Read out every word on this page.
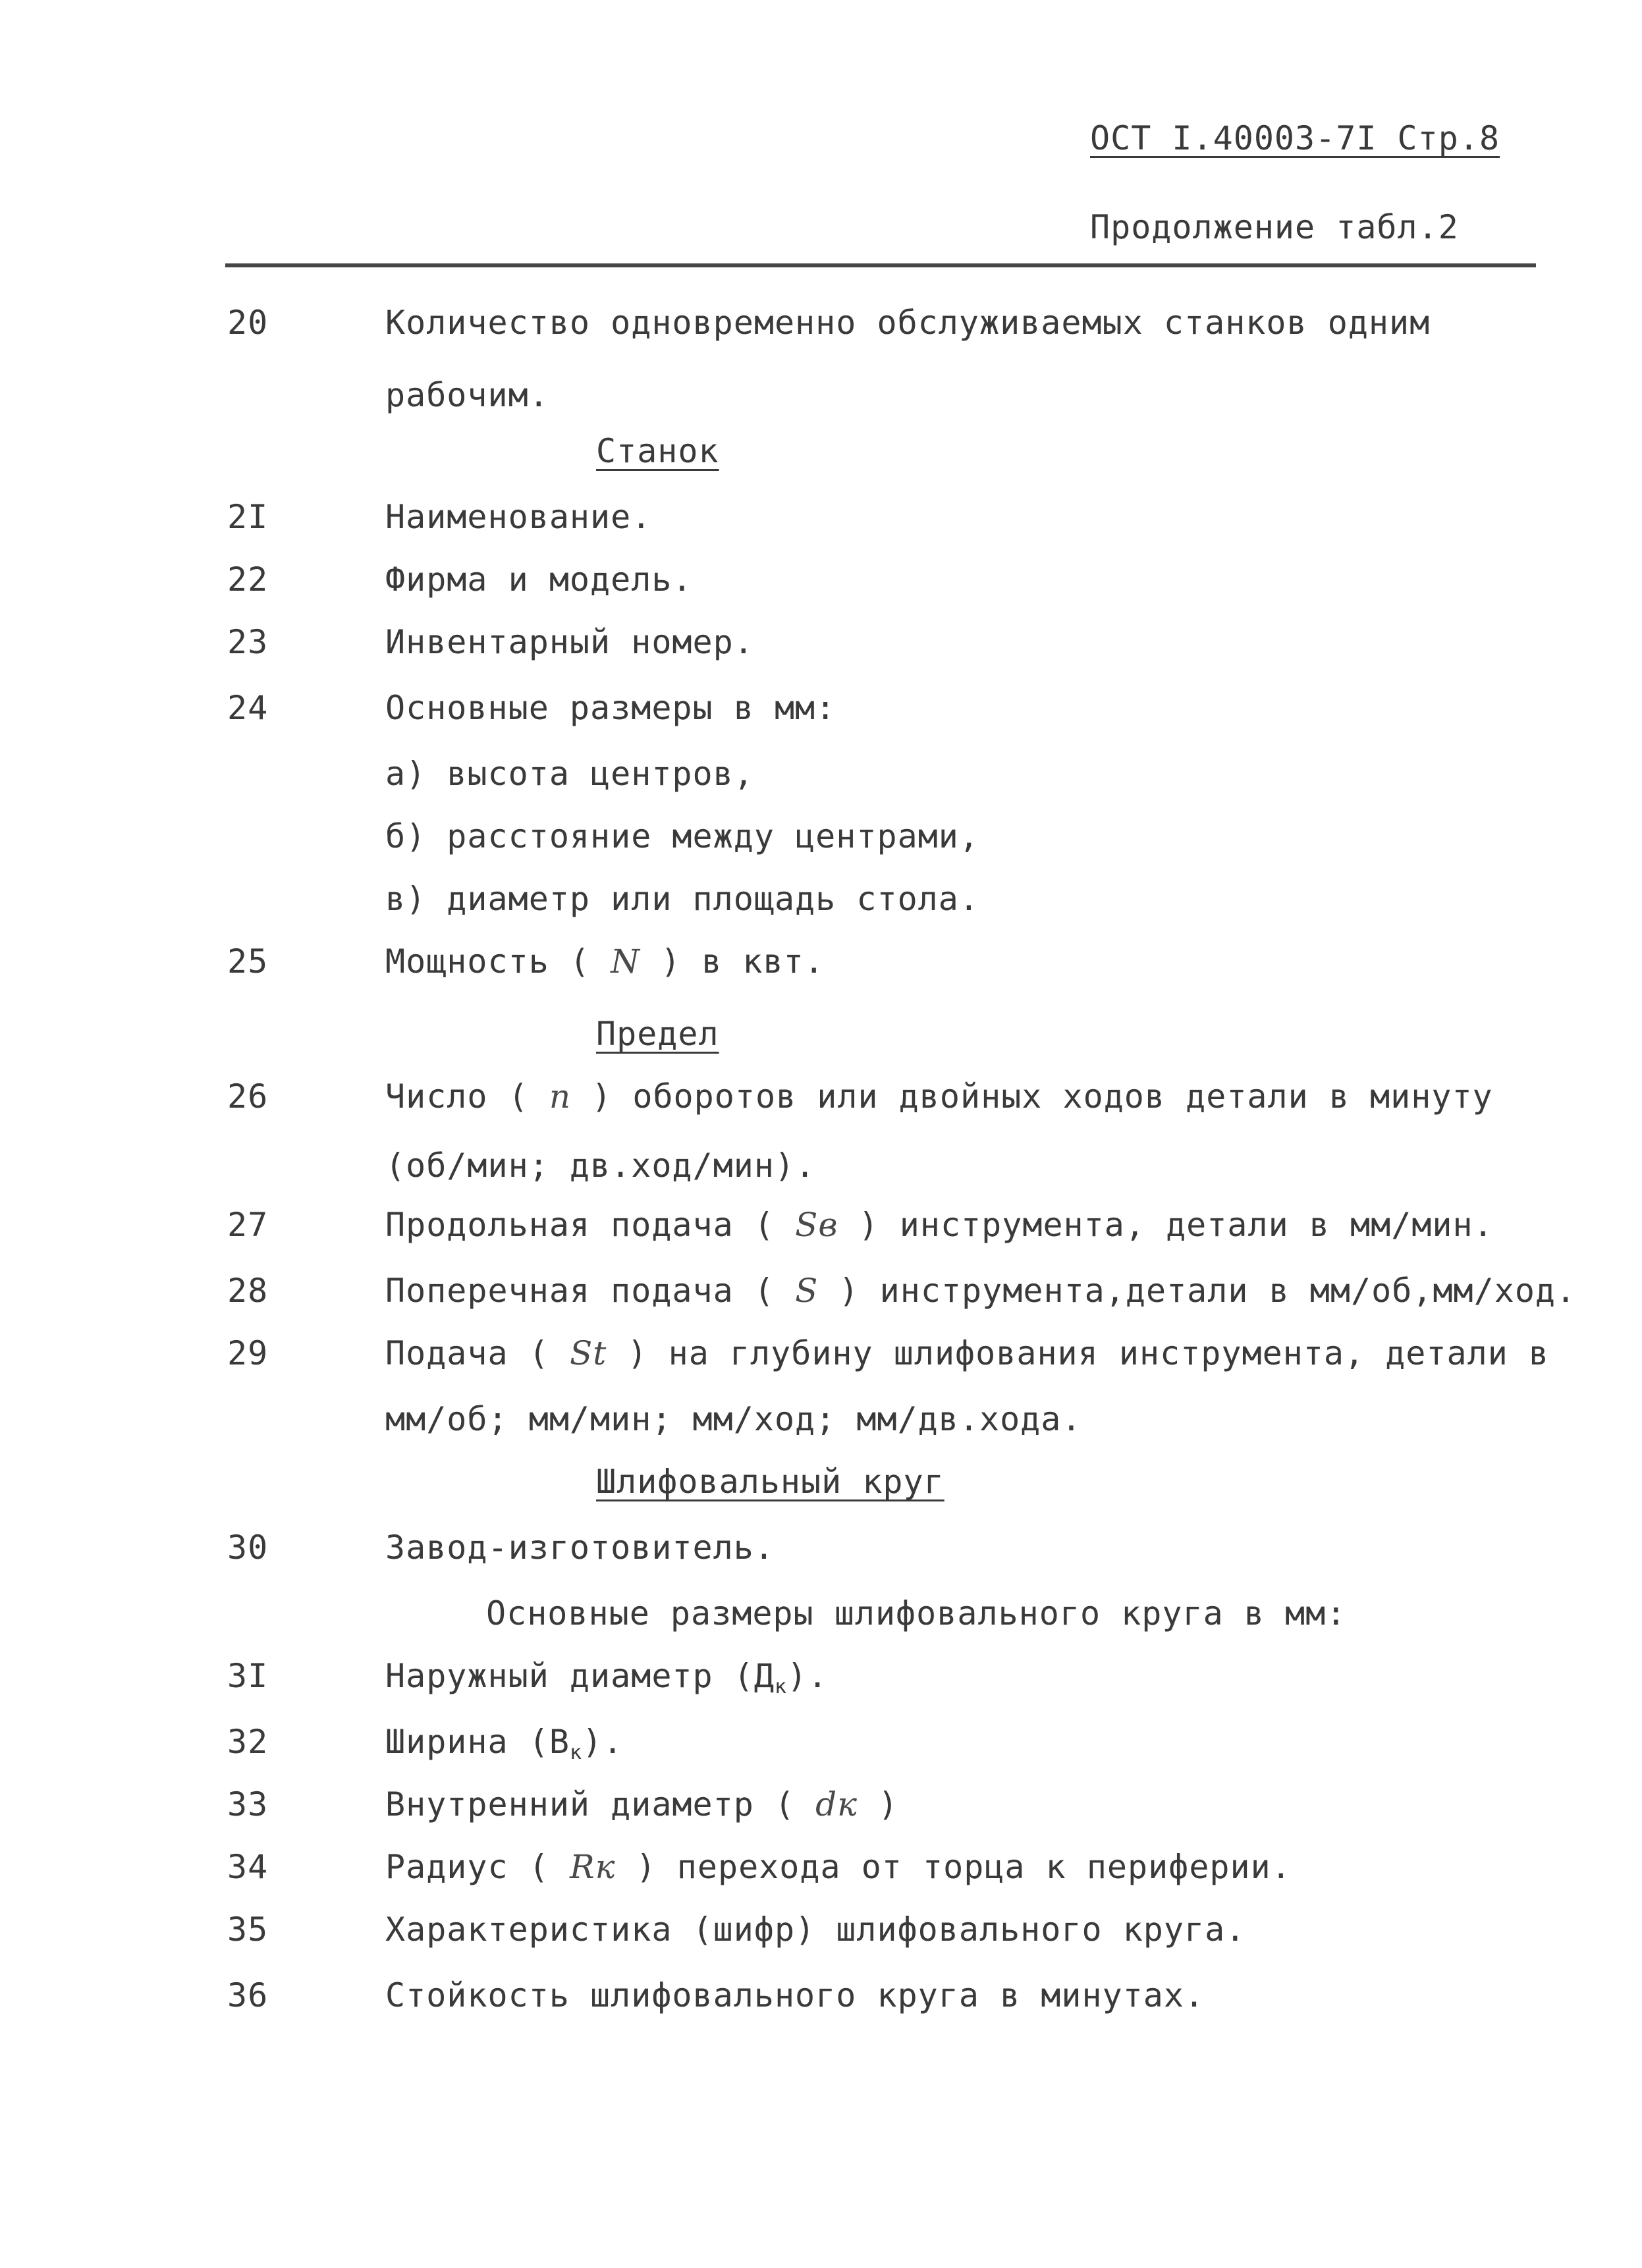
ОСТ I.40003-7I Стр.8
Продолжение табл.2
20	Количество одновременно обслуживаемых станков одним
рабочим.
2I	Наименование.
22	Фирма и модель.
23	Инвентарный номер.
24	Основные размеры в мм:
а) высота центров,
б) расстояние между центрами,
в) диаметр или площадь стола.
25	Мощность ( N ) в квт.
26	Число ( n ) оборотов или двойных ходов детали в минуту
(об/мин; дв.ход/мин).
27	Продольная подача ( Sв ) инструмента, детали в мм/мин.
28	Поперечная подача ( S ) инструмента,детали в мм/об,мм/ход.
29	Подача ( St ) на глубину шлифования инструмента, детали в
мм/об; мм/мин; мм/ход; мм/дв.хода.
30	Завод-изготовитель.
3I	Наружный диаметр $(Д_к)$.
32	Ширина $(В_к)$.
33	Внутренний диаметр ( dк )
34	Радиус ( Rк ) перехода от торца к периферии.
35	Характеристика (шифр) шлифовального круга.
36	Стойкость шлифовального круга в минутах.
Станок
Предел
Шлифовальный круг
Основные размеры шлифовального круга в мм:
